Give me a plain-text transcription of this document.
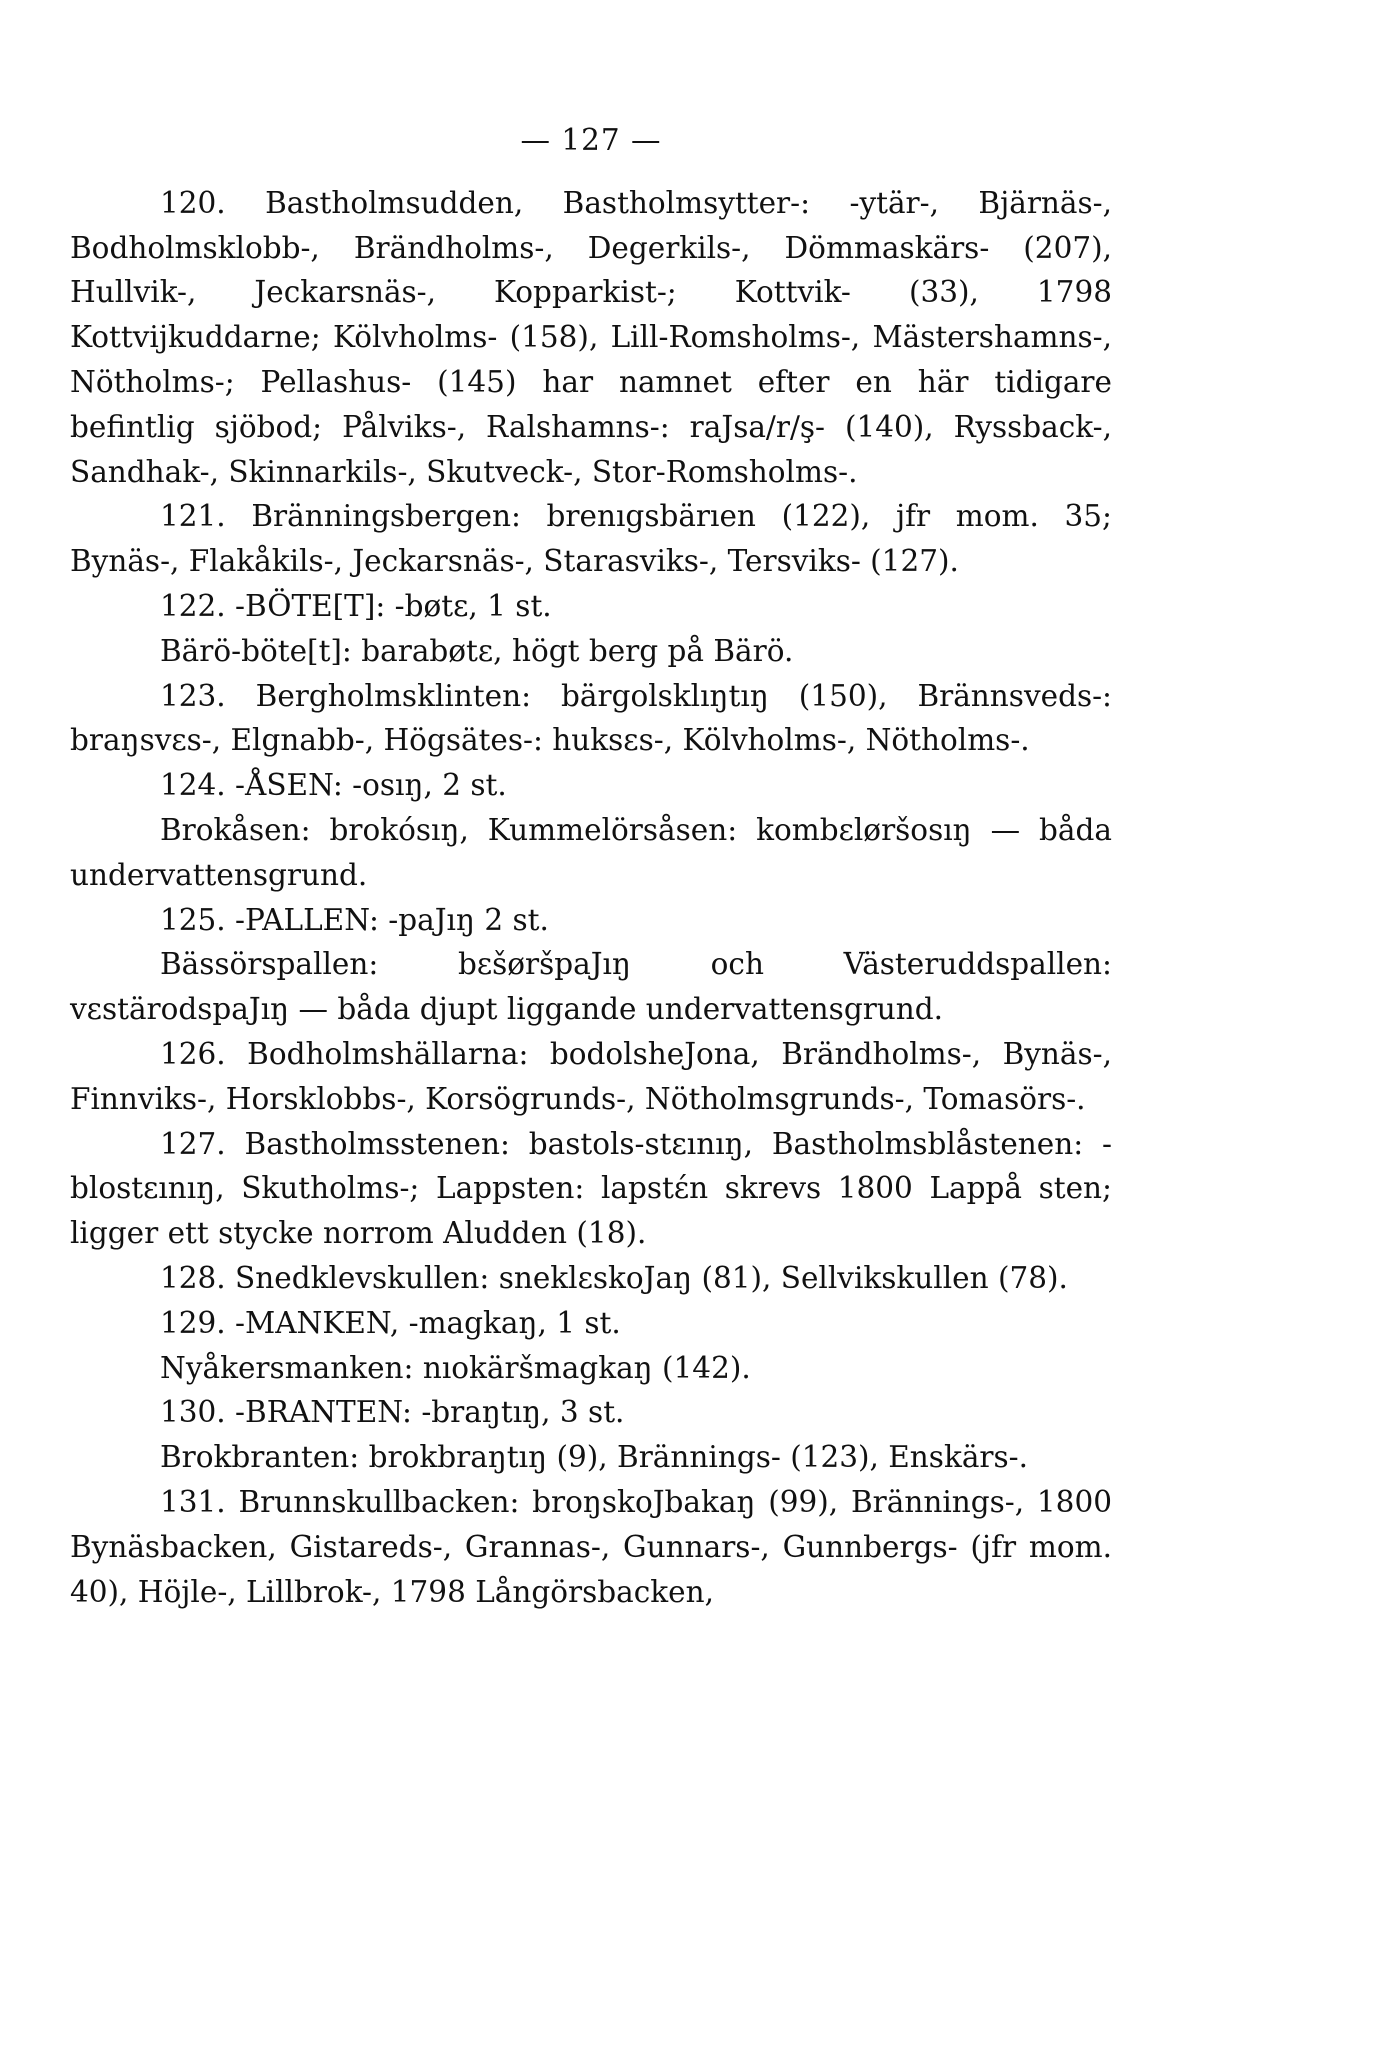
— 127 —

120. Bastholmsudden, Bastholmsytter-: -ytär-, Bjärnäs-, Bodholmsklobb-, Brändholms-, Degerkils-, Dömmaskärs- (207), Hullvik-, Jeckarsnäs-, Kopparkist-; Kottvik- (33), 1798 Kottvijkuddarne; Kölvholms- (158), Lill-Romsholms-, Mästershamns-, Nötholms-; Pellashus- (145) har namnet efter en här tidigare befintlig sjöbod; Pålviks-, Ralshamns-: raJsa/r/ş- (140), Ryssback-, Sandhak-, Skinnarkils-, Skutveck-, Stor-Romsholms-.

121. Bränningsbergen: brenıgsbärıen (122), jfr mom. 35; Bynäs-, Flakåkils-, Jeckarsnäs-, Starasviks-, Tersviks- (127).

122. -BÖTE[T]: -bøtε, 1 st.

Bärö-böte[t]: barabøtε, högt berg på Bärö.

123. Bergholmsklinten: bärgolsklıŋtıŋ (150), Brännsveds-: braŋsvεs-, Elgnabb-, Högsätes-: huksεs-, Kölvholms-, Nötholms-.

124. -ÅSEN: -osıŋ, 2 st.

Brokåsen: brokósıŋ, Kummelörsåsen: kombεløršosıŋ — båda undervattensgrund.

125. -PALLEN: -paJıŋ 2 st.

Bässörspallen: bεšøršpaJıŋ och Västeruddspallen: vεstärodspaJıŋ — båda djupt liggande undervattensgrund.

126. Bodholmshällarna: bodolsheJona, Brändholms-, Bynäs-, Finnviks-, Horsklobbs-, Korsögrunds-, Nötholmsgrunds-, Tomasörs-.

127. Bastholmsstenen: bastols-stεınıŋ, Bastholmsblåstenen: -blostεınıŋ, Skutholms-; Lappsten: lapstέn skrevs 1800 Lappå sten; ligger ett stycke norrom Aludden (18).

128. Snedklevskullen: sneklεskoJaŋ (81), Sellvikskullen (78).

129. -MANKEN, -magkaŋ, 1 st.

Nyåkersmanken: nıokäršmagkaŋ (142).

130. -BRANTEN: -braŋtıŋ, 3 st.

Brokbranten: brokbraŋtıŋ (9), Brännings- (123), Enskärs-.

131. Brunnskullbacken: broŋskoJbakaŋ (99), Brännings-, 1800 Bynäsbacken, Gistareds-, Grannas-, Gunnars-, Gunnbergs- (jfr mom. 40), Höjle-, Lillbrok-, 1798 Långörsbacken,
